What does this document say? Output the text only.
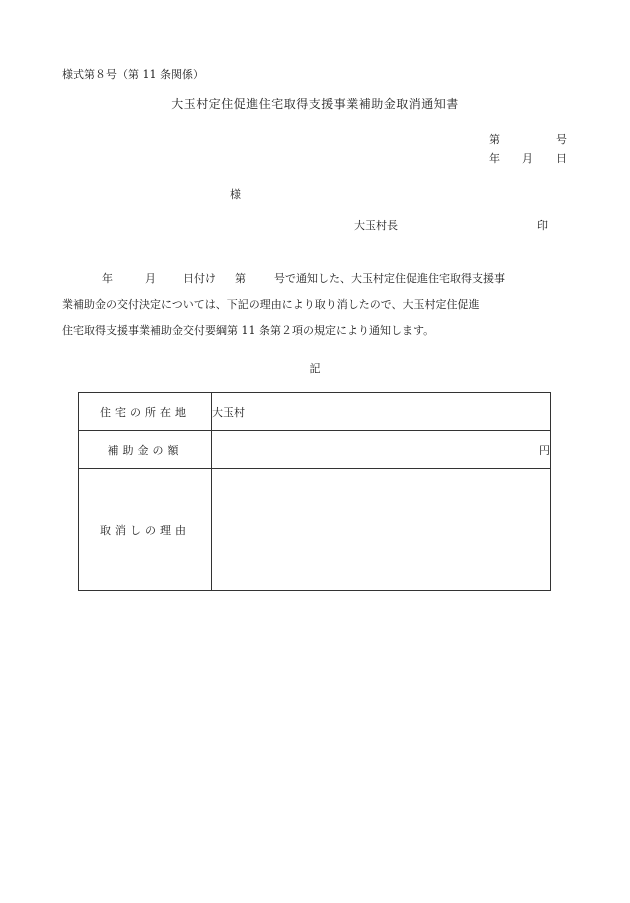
様式第８号（第 11 条関係）
大玉村定住促進住宅取得支援事業補助金取消通知書
第	号
年 月 日
様
大玉村長	印
年	月 日付け 第	号で通知した、大玉村定住促進住宅取得支援事
業補助金の交付決定については、下記の理由により取り消したので、大玉村定住促進
住宅取得支援事業補助金交付要綱第 11 条第２項の規定により通知します。
記
住宅の所在地	大玉村
補助金の額	円
取消しの理由	
